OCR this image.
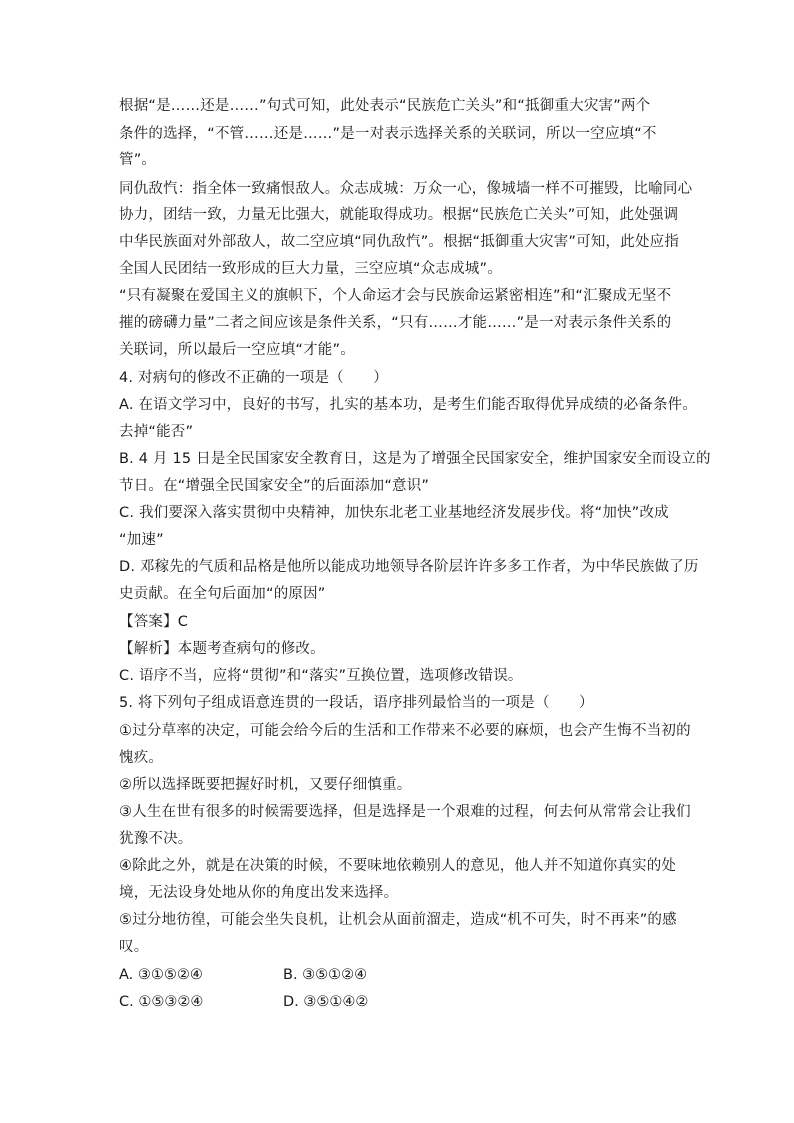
根据“是……还是……”句式可知，此处表示“民族危亡关头”和“抵御重大灾害”两个
条件的选择，“不管……还是……”是一对表示选择关系的关联词，所以一空应填“不
管”。
同仇敌忾：指全体一致痛恨敌人。众志成城：万众一心，像城墙一样不可摧毁，比喻同心
协力，团结一致，力量无比强大，就能取得成功。根据“民族危亡关头”可知，此处强调
中华民族面对外部敌人，故二空应填“同仇敌忾”。根据“抵御重大灾害”可知，此处应指
全国人民团结一致形成的巨大力量，三空应填“众志成城”。
“只有凝聚在爱国主义的旗帜下，个人命运才会与民族命运紧密相连”和“汇聚成无坚不
摧的磅礴力量”二者之间应该是条件关系，“只有……才能……”是一对表示条件关系的
关联词，所以最后一空应填“才能”。
4. 对病句的修改不正确的一项是（　　）
A. 在语文学习中，良好的书写，扎实的基本功，是考生们能否取得优异成绩的必备条件。
去掉“能否”
B. 4 月 15 日是全民国家安全教育日，这是为了增强全民国家安全，维护国家安全而设立的
节日。在“增强全民国家安全”的后面添加“意识”
C. 我们要深入落实贯彻中央精神，加快东北老工业基地经济发展步伐。将“加快”改成
“加速”
D. 邓稼先的气质和品格是他所以能成功地领导各阶层许许多多工作者，为中华民族做了历
史贡献。在全句后面加“的原因”
【答案】C
【解析】本题考查病句的修改。
C. 语序不当，应将“贯彻”和“落实”互换位置，选项修改错误。
5. 将下列句子组成语意连贯的一段话，语序排列最恰当的一项是（　　）
①过分草率的决定，可能会给今后的生活和工作带来不必要的麻烦，也会产生悔不当初的
愧疚。
②所以选择既要把握好时机，又要仔细慎重。
③人生在世有很多的时候需要选择，但是选择是一个艰难的过程，何去何从常常会让我们
犹豫不决。
④除此之外，就是在决策的时候，不要味地依赖别人的意见，他人并不知道你真实的处
境，无法设身处地从你的角度出发来选择。
⑤过分地彷徨，可能会坐失良机，让机会从面前溜走，造成“机不可失，时不再来”的感
叹。
A. ③①⑤②④	B. ③⑤①②④
C. ①⑤③②④	D. ③⑤①④②
